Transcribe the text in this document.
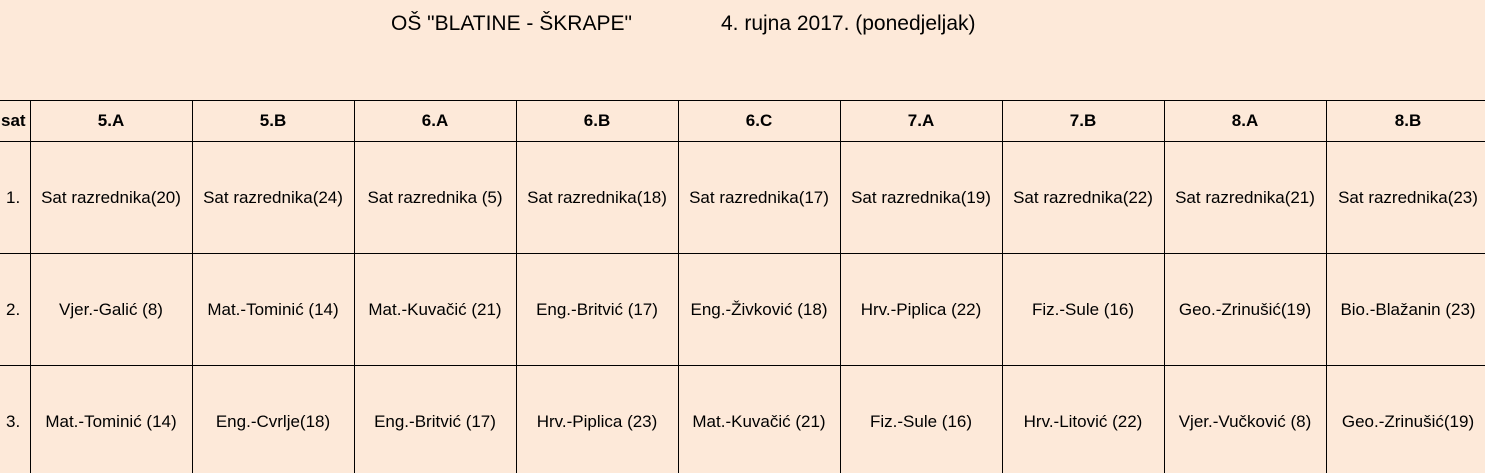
OŠ "BLATINE - ŠKRAPE"	4. rujna 2017. (ponedjeljak)
sat	5.A	5.B	6.A	6.B	6.C	7.A	7.B	8.A	8.B
1.	Sat razrednika(20)	Sat razrednika(24)	Sat razrednika (5)	Sat razrednika(18)	Sat razrednika(17)	Sat razrednika(19)	Sat razrednika(22)	Sat razrednika(21)	Sat razrednika(23)
2.	Vjer.-Galić (8)	Mat.-Tominić (14)	Mat.-Kuvačić (21)	Eng.-Britvić (17)	Eng.-Živković (18)	Hrv.-Piplica (22)	Fiz.-Sule (16)	Geo.-Zrinušić(19)	Bio.-Blažanin (23)
3.	Mat.-Tominić (14)	Eng.-Cvrlje(18)	Eng.-Britvić (17)	Hrv.-Piplica (23)	Mat.-Kuvačić (21)	Fiz.-Sule (16)	Hrv.-Litović (22)	Vjer.-Vučković (8)	Geo.-Zrinušić(19)
